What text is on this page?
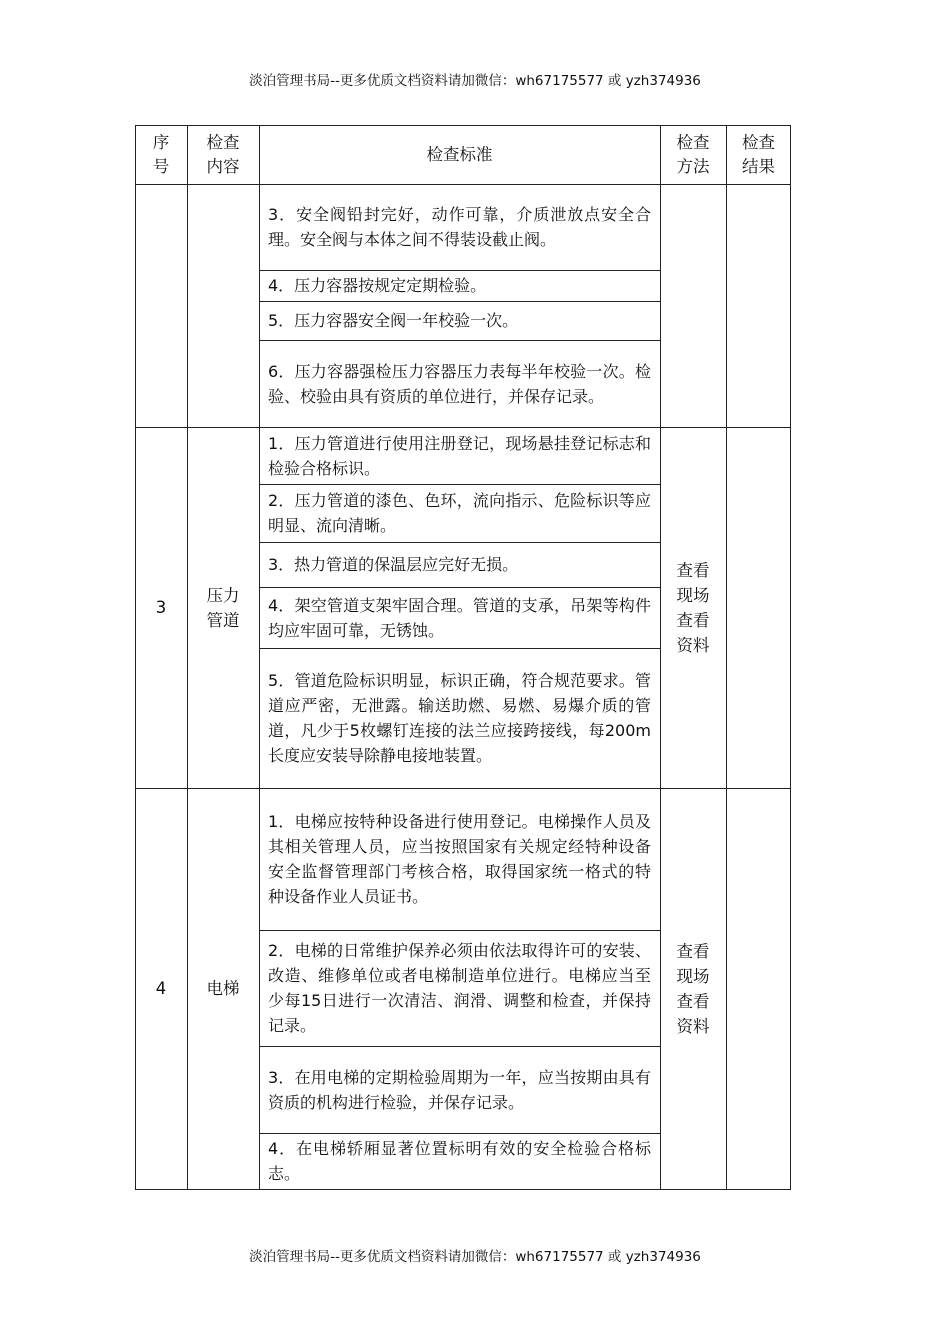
淡泊管理书局--更多优质文档资料请加微信：wh67175577 或 yzh374936
序号
检查内容
检查标准
检查方法
检查结果
3．安全阀铅封完好，动作可靠，介质泄放点安全合理。安全阀与本体之间不得装设截止阀。
4．压力容器按规定定期检验。
5．压力容器安全阀一年校验一次。
6．压力容器强检压力容器压力表每半年校验一次。检验、校验由具有资质的单位进行，并保存记录。
3
压力管道
1．压力管道进行使用注册登记，现场悬挂登记标志和检验合格标识。
2．压力管道的漆色、色环，流向指示、危险标识等应明显、流向清晰。
3．热力管道的保温层应完好无损。
4．架空管道支架牢固合理。管道的支承，吊架等构件均应牢固可靠，无锈蚀。
5．管道危险标识明显，标识正确，符合规范要求。管道应严密，无泄露。输送助燃、易燃、易爆介质的管道，凡少于5枚螺钉连接的法兰应接跨接线，每200m长度应安装导除静电接地装置。
查看现场查看资料
4	电梯
1．电梯应按特种设备进行使用登记。电梯操作人员及其相关管理人员，应当按照国家有关规定经特种设备安全监督管理部门考核合格，取得国家统一格式的特种设备作业人员证书。
2．电梯的日常维护保养必须由依法取得许可的安装、改造、维修单位或者电梯制造单位进行。电梯应当至少每15日进行一次清洁、润滑、调整和检查，并保持记录。
3．在用电梯的定期检验周期为一年，应当按期由具有资质的机构进行检验，并保存记录。
4．在电梯轿厢显著位置标明有效的安全检验合格标志。
查看现场查看资料
淡泊管理书局--更多优质文档资料请加微信：wh67175577 或 yzh374936
